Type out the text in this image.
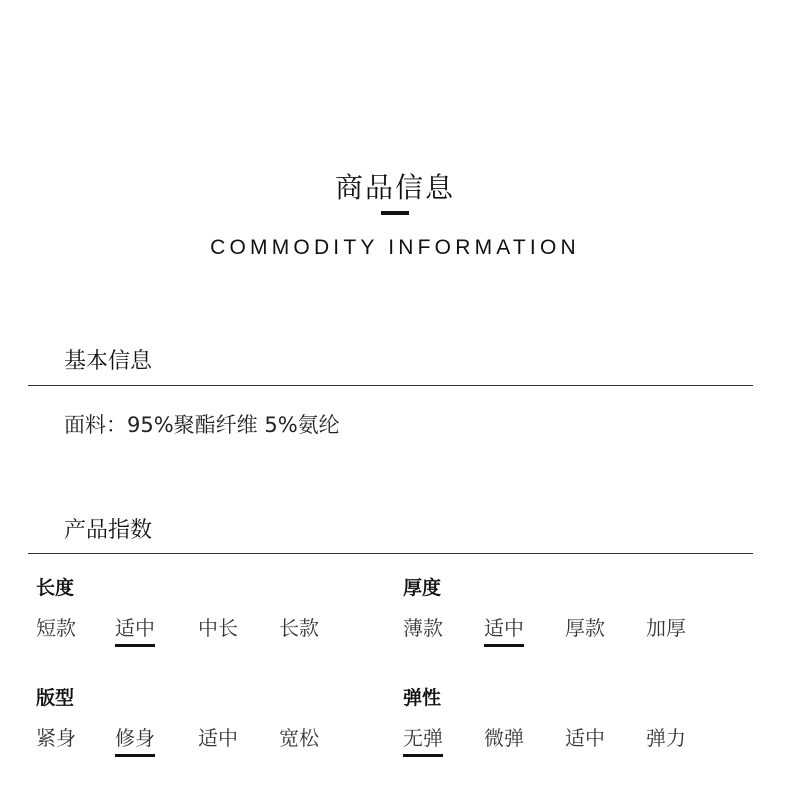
商品信息
COMMODITY INFORMATION
基本信息
面料：95%聚酯纤维 5%氨纶
产品指数
长度
短款 适中 中长 长款
厚度
薄款 适中 厚款 加厚
版型
紧身 修身 适中 宽松
弹性
无弹 微弹 适中 弹力
